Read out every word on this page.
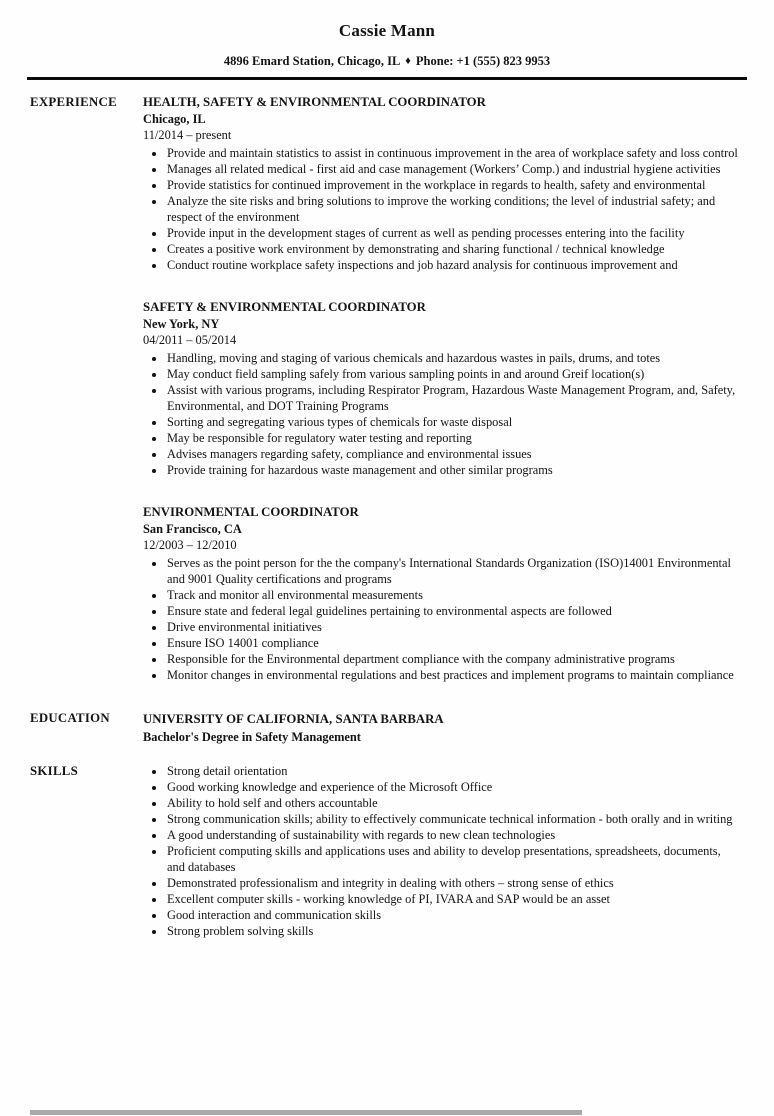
Cassie Mann
4896 Emard Station, Chicago, IL ♦ Phone: +1 (555) 823 9953
EXPERIENCE	HEALTH, SAFETY & ENVIRONMENTAL COORDINATOR
Chicago, IL
11/2014 – present
• Provide and maintain statistics to assist in continuous improvement in the area of workplace safety and loss control
• Manages all related medical - first aid and case management (Workers’ Comp.) and industrial hygiene activities
• Provide statistics for continued improvement in the workplace in regards to health, safety and environmental
• Analyze the site risks and bring solutions to improve the working conditions; the level of industrial safety; and respect of the environment
• Provide input in the development stages of current as well as pending processes entering into the facility
• Creates a positive work environment by demonstrating and sharing functional / technical knowledge
• Conduct routine workplace safety inspections and job hazard analysis for continuous improvement and
SAFETY & ENVIRONMENTAL COORDINATOR
New York, NY
04/2011 – 05/2014
• Handling, moving and staging of various chemicals and hazardous wastes in pails, drums, and totes
• May conduct field sampling safely from various sampling points in and around Greif location(s)
• Assist with various programs, including Respirator Program, Hazardous Waste Management Program, and, Safety, Environmental, and DOT Training Programs
• Sorting and segregating various types of chemicals for waste disposal
• May be responsible for regulatory water testing and reporting
• Advises managers regarding safety, compliance and environmental issues
• Provide training for hazardous waste management and other similar programs
ENVIRONMENTAL COORDINATOR
San Francisco, CA
12/2003 – 12/2010
• Serves as the point person for the the company's International Standards Organization (ISO)14001 Environmental and 9001 Quality certifications and programs
• Track and monitor all environmental measurements
• Ensure state and federal legal guidelines pertaining to environmental aspects are followed
• Drive environmental initiatives
• Ensure ISO 14001 compliance
• Responsible for the Environmental department compliance with the company administrative programs
• Monitor changes in environmental regulations and best practices and implement programs to maintain compliance
EDUCATION	UNIVERSITY OF CALIFORNIA, SANTA BARBARA
Bachelor's Degree in Safety Management
SKILLS	• Strong detail orientation
• Good working knowledge and experience of the Microsoft Office
• Ability to hold self and others accountable
• Strong communication skills; ability to effectively communicate technical information - both orally and in writing
• A good understanding of sustainability with regards to new clean technologies
• Proficient computing skills and applications uses and ability to develop presentations, spreadsheets, documents, and databases
• Demonstrated professionalism and integrity in dealing with others – strong sense of ethics
• Excellent computer skills - working knowledge of PI, IVARA and SAP would be an asset
• Good interaction and communication skills
• Strong problem solving skills
